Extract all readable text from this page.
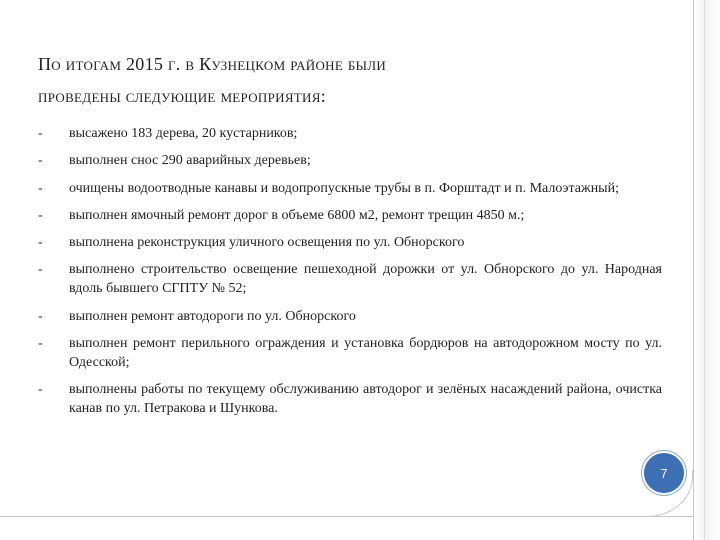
По итогам 2015 г. в Кузнецком районе были
проведены следующие мероприятия:
-	высажено 183 дерева, 20 кустарников;
-	выполнен снос 290 аварийных деревьев;
-	очищены водоотводные канавы и водопропускные трубы в п. Форштадт и п. Малоэтажный;
-	выполнен ямочный ремонт дорог в объеме 6800 м2, ремонт трещин 4850 м.;
-	выполнена реконструкция уличного освещения по ул. Обнорского
-	выполнено строительство освещение пешеходной дорожки от ул. Обнорского до ул. Народная вдоль бывшего СГПТУ № 52;
-	выполнен ремонт автодороги по ул. Обнорского
-	выполнен ремонт перильного ограждения и установка бордюров на автодорожном мосту по ул. Одесской;
-	выполнены работы по текущему обслуживанию автодорог и зелёных насаждений района, очистка канав по ул. Петракова и Шункова.
7
